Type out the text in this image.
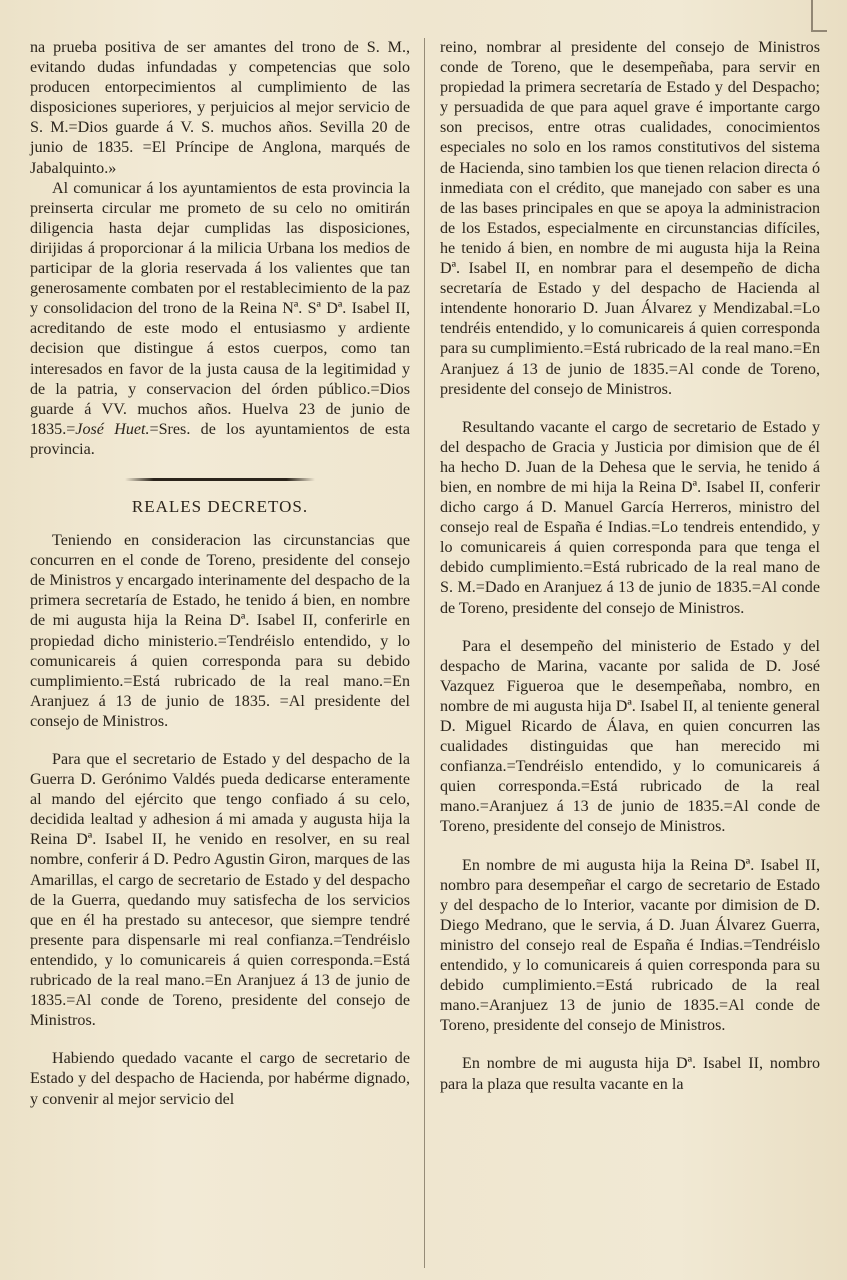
na prueba positiva de ser amantes del trono de S. M., evitando dudas infundadas y competencias que solo producen entorpecimientos al cumplimiento de las disposiciones superiores, y perjuicios al mejor servicio de S. M.=Dios guarde á V. S. muchos años. Sevilla 20 de junio de 1835. =El Príncipe de Anglona, marqués de Jabalquinto.»

Al comunicar á los ayuntamientos de esta provincia la preinserta circular me prometo de su celo no omitirán diligencia hasta dejar cumplidas las disposiciones, dirijidas á proporcionar á la milicia Urbana los medios de participar de la gloria reservada á los valientes que tan generosamente combaten por el restablecimiento de la paz y consolidacion del trono de la Reina Nª. Sª Dª. Isabel II, acreditando de este modo el entusiasmo y ardiente decision que distingue á estos cuerpos, como tan interesados en favor de la justa causa de la legitimidad y de la patria, y conservacion del órden público.=Dios guarde á VV. muchos años. Huelva 23 de junio de 1835.=José Huet.=Sres. de los ayuntamientos de esta provincia.

REALES DECRETOS.

Teniendo en consideracion las circunstancias que concurren en el conde de Toreno, presidente del consejo de Ministros y encargado interinamente del despacho de la primera secretaría de Estado, he tenido á bien, en nombre de mi augusta hija la Reina Dª. Isabel II, conferirle en propiedad dicho ministerio.=Tendréislo entendido, y lo comunicareis á quien corresponda para su debido cumplimiento.=Está rubricado de la real mano.=En Aranjuez á 13 de junio de 1835. =Al presidente del consejo de Ministros.

Para que el secretario de Estado y del despacho de la Guerra D. Gerónimo Valdés pueda dedicarse enteramente al mando del ejército que tengo confiado á su celo, decidida lealtad y adhesion á mi amada y augusta hija la Reina Dª. Isabel II, he venido en resolver, en su real nombre, conferir á D. Pedro Agustin Giron, marques de las Amarillas, el cargo de secretario de Estado y del despacho de la Guerra, quedando muy satisfecha de los servicios que en él ha prestado su antecesor, que siempre tendré presente para dispensarle mi real confianza.=Tendréislo entendido, y lo comunicareis á quien corresponda.=Está rubricado de la real mano.=En Aranjuez á 13 de junio de 1835.=Al conde de Toreno, presidente del consejo de Ministros.

Habiendo quedado vacante el cargo de secretario de Estado y del despacho de Hacienda, por habérme dignado, y convenir al mejor servicio del

reino, nombrar al presidente del consejo de Ministros conde de Toreno, que le desempeñaba, para servir en propiedad la primera secretaría de Estado y del Despacho; y persuadida de que para aquel grave é importante cargo son precisos, entre otras cualidades, conocimientos especiales no solo en los ramos constitutivos del sistema de Hacienda, sino tambien los que tienen relacion directa ó inmediata con el crédito, que manejado con saber es una de las bases principales en que se apoya la administracion de los Estados, especialmente en circunstancias difíciles, he tenido á bien, en nombre de mi augusta hija la Reina Dª. Isabel II, en nombrar para el desempeño de dicha secretaría de Estado y del despacho de Hacienda al intendente honorario D. Juan Álvarez y Mendizabal.=Lo tendréis entendido, y lo comunicareis á quien corresponda para su cumplimiento.=Está rubricado de la real mano.=En Aranjuez á 13 de junio de 1835.=Al conde de Toreno, presidente del consejo de Ministros.

Resultando vacante el cargo de secretario de Estado y del despacho de Gracia y Justicia por dimision que de él ha hecho D. Juan de la Dehesa que le servia, he tenido á bien, en nombre de mi hija la Reina Dª. Isabel II, conferir dicho cargo á D. Manuel García Herreros, ministro del consejo real de España é Indias.=Lo tendreis entendido, y lo comunicareis á quien corresponda para que tenga el debido cumplimiento.=Está rubricado de la real mano de S. M.=Dado en Aranjuez á 13 de junio de 1835.=Al conde de Toreno, presidente del consejo de Ministros.

Para el desempeño del ministerio de Estado y del despacho de Marina, vacante por salida de D. José Vazquez Figueroa que le desempeñaba, nombro, en nombre de mi augusta hija Dª. Isabel II, al teniente general D. Miguel Ricardo de Álava, en quien concurren las cualidades distinguidas que han merecido mi confianza.=Tendréislo entendido, y lo comunicareis á quien corresponda.=Está rubricado de la real mano.=Aranjuez á 13 de junio de 1835.=Al conde de Toreno, presidente del consejo de Ministros.

En nombre de mi augusta hija la Reina Dª. Isabel II, nombro para desempeñar el cargo de secretario de Estado y del despacho de lo Interior, vacante por dimision de D. Diego Medrano, que le servia, á D. Juan Álvarez Guerra, ministro del consejo real de España é Indias.=Tendréislo entendido, y lo comunicareis á quien corresponda para su debido cumplimiento.=Está rubricado de la real mano.=Aranjuez 13 de junio de 1835.=Al conde de Toreno, presidente del consejo de Ministros.

En nombre de mi augusta hija Dª. Isabel II, nombro para la plaza que resulta vacante en la
